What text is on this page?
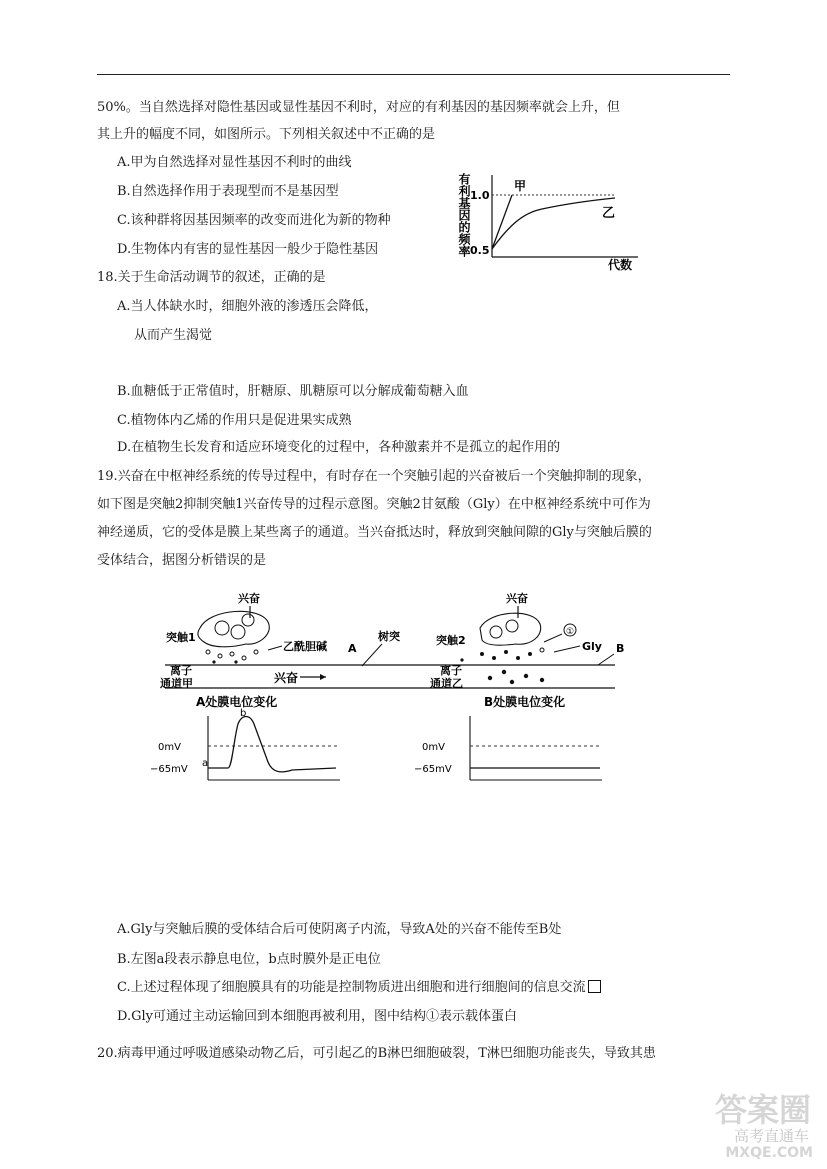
50%。当自然选择对隐性基因或显性基因不利时，对应的有利基因的基因频率就会上升，但
其上升的幅度不同，如图所示。下列相关叙述中不正确的是
A.甲为自然选择对显性基因不利时的曲线
B.自然选择作用于表现型而不是基因型
C.该种群将因基因频率的改变而进化为新的物种
D.生物体内有害的显性基因一般少于隐性基因	有利基因的频率 1.0
0.5
甲
乙
代数
18.关于生命活动调节的叙述，正确的是
A.当人体缺水时，细胞外液的渗透压会降低，
从而产生渴觉
B.血糖低于正常值时，肝糖原、肌糖原可以分解成葡萄糖入血
C.植物体内乙烯的作用只是促进果实成熟
D.在植物生长发育和适应环境变化的过程中，各种激素并不是孤立的起作用的
19.兴奋在中枢神经系统的传导过程中，有时存在一个突触引起的兴奋被后一个突触抑制的现象，
如下图是突触2抑制突触1兴奋传导的过程示意图。突触2甘氨酸（Gly）在中枢神经系统中可作为
神经递质，它的受体是膜上某些离子的通道。当兴奋抵达时，释放到突触间隙的Gly与突触后膜的
受体结合，据图分析错误的是
兴奋
突触1
乙酰胆碱
树突
A
离子
通道甲	兴奋
兴奋
突触2
①
Gly B
离子
通道乙
A处膜电位变化
0mV
−65mV
a
b
B处膜电位变化
0mV
−65mV
A.Gly与突触后膜的受体结合后可使阴离子内流，导致A处的兴奋不能传至B处
B.左图a段表示静息电位，b点时膜外是正电位
C.上述过程体现了细胞膜具有的功能是控制物质进出细胞和进行细胞间的信息交流
D.Gly可通过主动运输回到本细胞再被利用，图中结构①表示载体蛋白
20.病毒甲通过呼吸道感染动物乙后，可引起乙的B淋巴细胞破裂，T淋巴细胞功能丧失，导致其患
答案圈
高考直通车
MXQE.COM
